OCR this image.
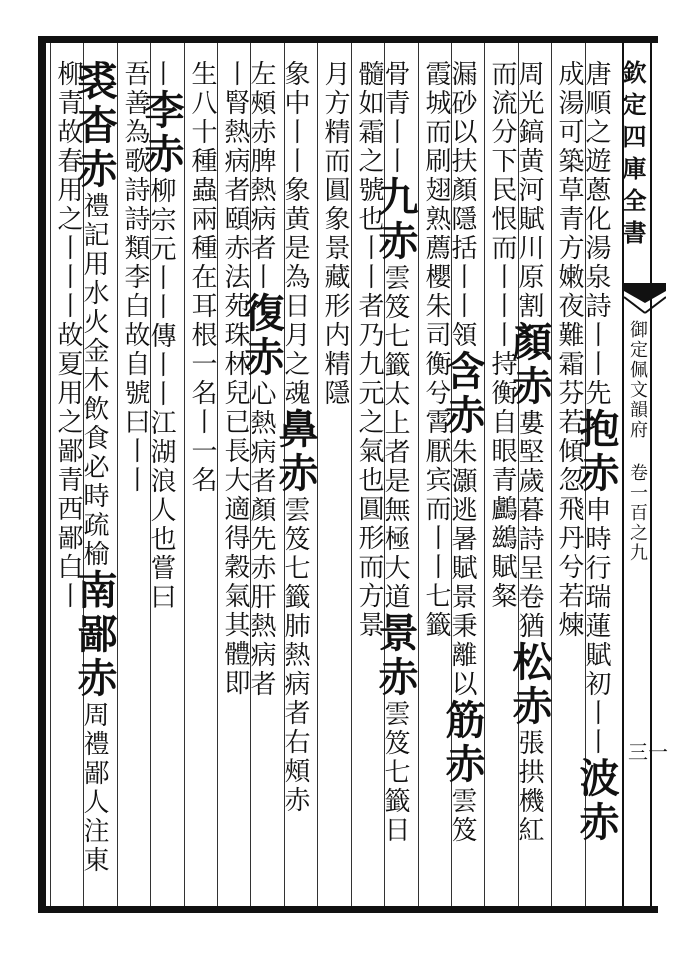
欽定四庫全書
御定佩文韻府 卷一百之九
三一
唐順之遊蔥化湯泉詩丨丨先抱赤申時行瑞蓮賦初丨丨波赤
成湯可築草青方嫩夜難霜芬若傾忽飛丹兮若煉
周光鎬黄河賦川原割顏赤婁堅歲暮詩呈卷猶松赤張拱機紅
而流分下民恨而丨丨丨持衡自眼青鸕鷀賦粲
漏砂以扶顏隱括丨丨領含赤朱灝逃暑賦景秉離以筋赤雲笈
霞城而刷翅熟薦櫻朱司衡兮霄厭宾而丨丨七籤
骨青丨丨九赤雲笈七籤太上者是無極大道景赤雲笈七籤日
髓如霜之號也丨丨者乃九元之氣也圓形而方景
月方精而圓象景藏形内精隱
象中丨丨象黄是為日月之魂鼻赤雲笈七籤肺熱病者右頰赤
左頰赤脾熱病者丨復赤心熱病者顏先赤肝熱病者
丨腎熱病者頤赤法苑珠林兒已長大適得穀氣其體即
生八十種蟲兩種在耳根一名丨一名
丨李赤柳宗元丨丨傳丨丨江湖浪人也嘗曰
吾善為歌詩詩類李白故自號曰丨丨
裘杳赤禮記用水火金木飲食必時疏榆南鄙赤周禮鄙人注東
柳青故春用之丨丨丨故夏用之鄙青西鄙白丨
